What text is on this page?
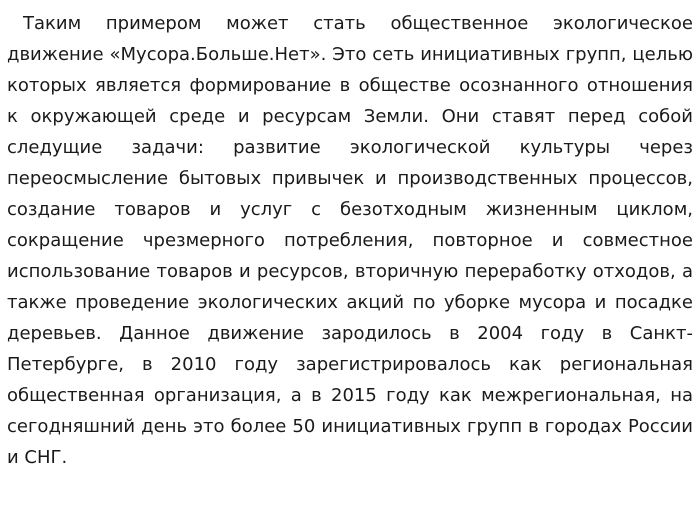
Таким примером может стать общественное экологическое движение «Мусора.Больше.Нет». Это сеть инициативных групп, целью которых является формирование в обществе осознанного отношения к окружающей среде и ресурсам Земли. Они ставят перед собой следущие задачи: развитие экологической культуры через переосмысление бытовых привычек и производственных процессов, создание товаров и услуг с безотходным жизненным циклом, сокращение чрезмерного потребления, повторное и совместное использование товаров и ресурсов, вторичную переработку отходов, а также проведение экологических акций по уборке мусора и посадке деревьев. Данное движение зародилось в 2004 году в Санкт-Петербурге, в 2010 году зарегистрировалось как региональная общественная организация, а в 2015 году как межрегиональная, на сегодняшний день это более 50 инициативных групп в городах России и СНГ.
